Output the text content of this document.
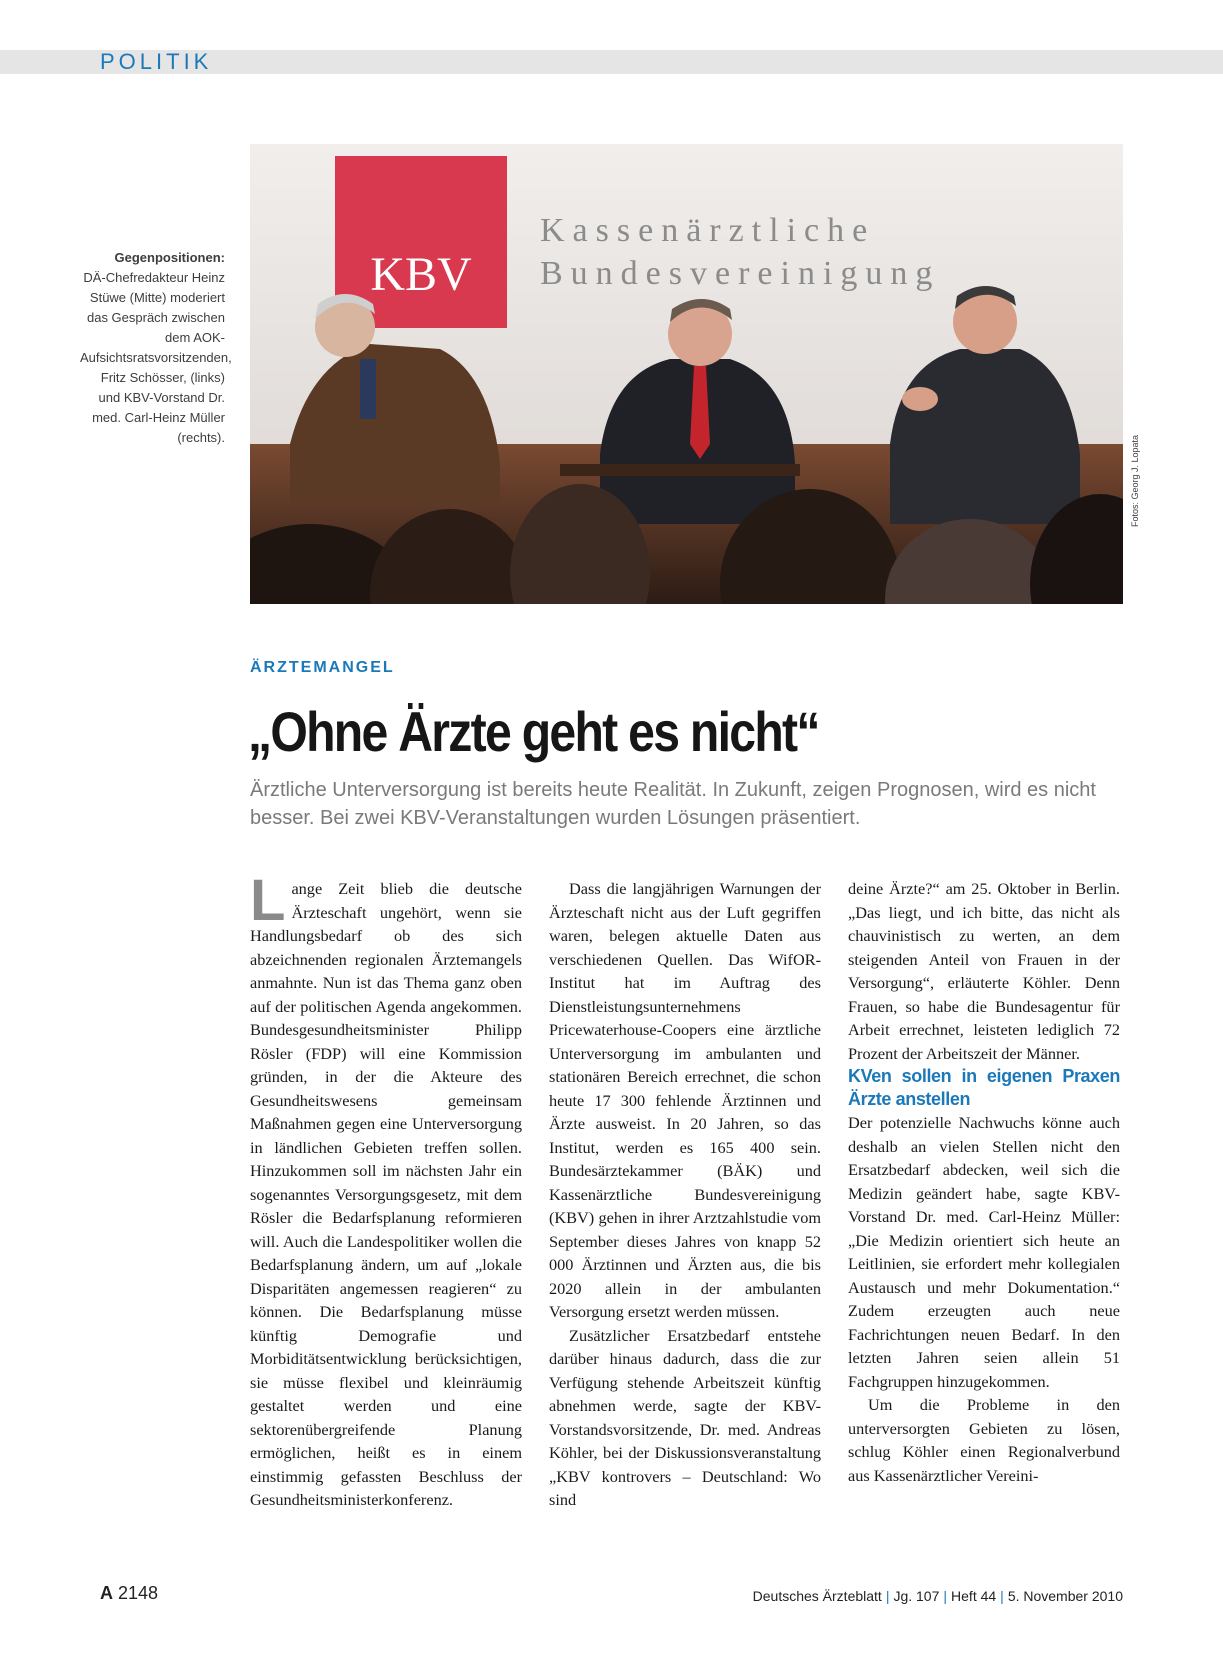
POLITIK
Gegenpositionen:
DÄ-Chefredakteur Heinz Stüwe (Mitte) moderiert das Gespräch zwischen dem AOK-Aufsichtsratsvorsitzenden, Fritz Schösser, (links) und KBV-Vorstand Dr. med. Carl-Heinz Müller (rechts).
KBV
Kassenärztliche
Bundesvereinigung
Fotos: Georg J. Lopata
ÄRZTEMANGEL
„Ohne Ärzte geht es nicht“

Ärztliche Unterversorgung ist bereits heute Realität. In Zukunft, zeigen Prognosen, wird es nicht besser. Bei zwei KBV-Veranstaltungen wurden Lösungen präsentiert.

Lange Zeit blieb die deutsche Ärzteschaft ungehört, wenn sie Handlungsbedarf ob des sich abzeichnenden regionalen Ärztemangels anmahnte. Nun ist das Thema ganz oben auf der politischen Agenda angekommen. Bundesgesundheitsminister Philipp Rösler (FDP) will eine Kommission gründen, in der die Akteure des Gesundheitswesens gemeinsam Maßnahmen gegen eine Unterversorgung in ländlichen Gebieten treffen sollen. Hinzukommen soll im nächsten Jahr ein sogenanntes Versorgungsgesetz, mit dem Rösler die Bedarfsplanung reformieren will. Auch die Landespolitiker wollen die Bedarfsplanung ändern, um auf „lokale Disparitäten angemessen reagieren“ zu können. Die Bedarfsplanung müsse künftig Demografie und Morbiditätsentwicklung berücksichtigen, sie müsse flexibel und kleinräumig gestaltet werden und eine sektorenübergreifende Planung ermöglichen, heißt es in einem einstimmig gefassten Beschluss der Gesundheitsministerkonferenz.

Dass die langjährigen Warnungen der Ärzteschaft nicht aus der Luft gegriffen waren, belegen aktuelle Daten aus verschiedenen Quellen. Das WifOR-Institut hat im Auftrag des Dienstleistungsunternehmens Pricewaterhouse-Coopers eine ärztliche Unterversorgung im ambulanten und stationären Bereich errechnet, die schon heute 17 300 fehlende Ärztinnen und Ärzte ausweist. In 20 Jahren, so das Institut, werden es 165 400 sein. Bundesärztekammer (BÄK) und Kassenärztliche Bundesvereinigung (KBV) gehen in ihrer Arztzahlstudie vom September dieses Jahres von knapp 52 000 Ärztinnen und Ärzten aus, die bis 2020 allein in der ambulanten Versorgung ersetzt werden müssen.

Zusätzlicher Ersatzbedarf entstehe darüber hinaus dadurch, dass die zur Verfügung stehende Arbeitszeit künftig abnehmen werde, sagte der KBV-Vorstandsvorsitzende, Dr. med. Andreas Köhler, bei der Diskussionsveranstaltung „KBV kontrovers – Deutschland: Wo sind

deine Ärzte?“ am 25. Oktober in Berlin. „Das liegt, und ich bitte, das nicht als chauvinistisch zu werten, an dem steigenden Anteil von Frauen in der Versorgung“, erläuterte Köhler. Denn Frauen, so habe die Bundesagentur für Arbeit errechnet, leisteten lediglich 72 Prozent der Arbeitszeit der Männer.

KVen sollen in eigenen Praxen Ärzte anstellen

Der potenzielle Nachwuchs könne auch deshalb an vielen Stellen nicht den Ersatzbedarf abdecken, weil sich die Medizin geändert habe, sagte KBV-Vorstand Dr. med. Carl-Heinz Müller: „Die Medizin orientiert sich heute an Leitlinien, sie erfordert mehr kollegialen Austausch und mehr Dokumentation.“ Zudem erzeugten auch neue Fachrichtungen neuen Bedarf. In den letzten Jahren seien allein 51 Fachgruppen hinzugekommen.

Um die Probleme in den unterversorgten Gebieten zu lösen, schlug Köhler einen Regionalverbund aus Kassenärztlicher Vereini-

A 2148	Deutsches Ärzteblatt | Jg. 107 | Heft 44 | 5. November 2010
